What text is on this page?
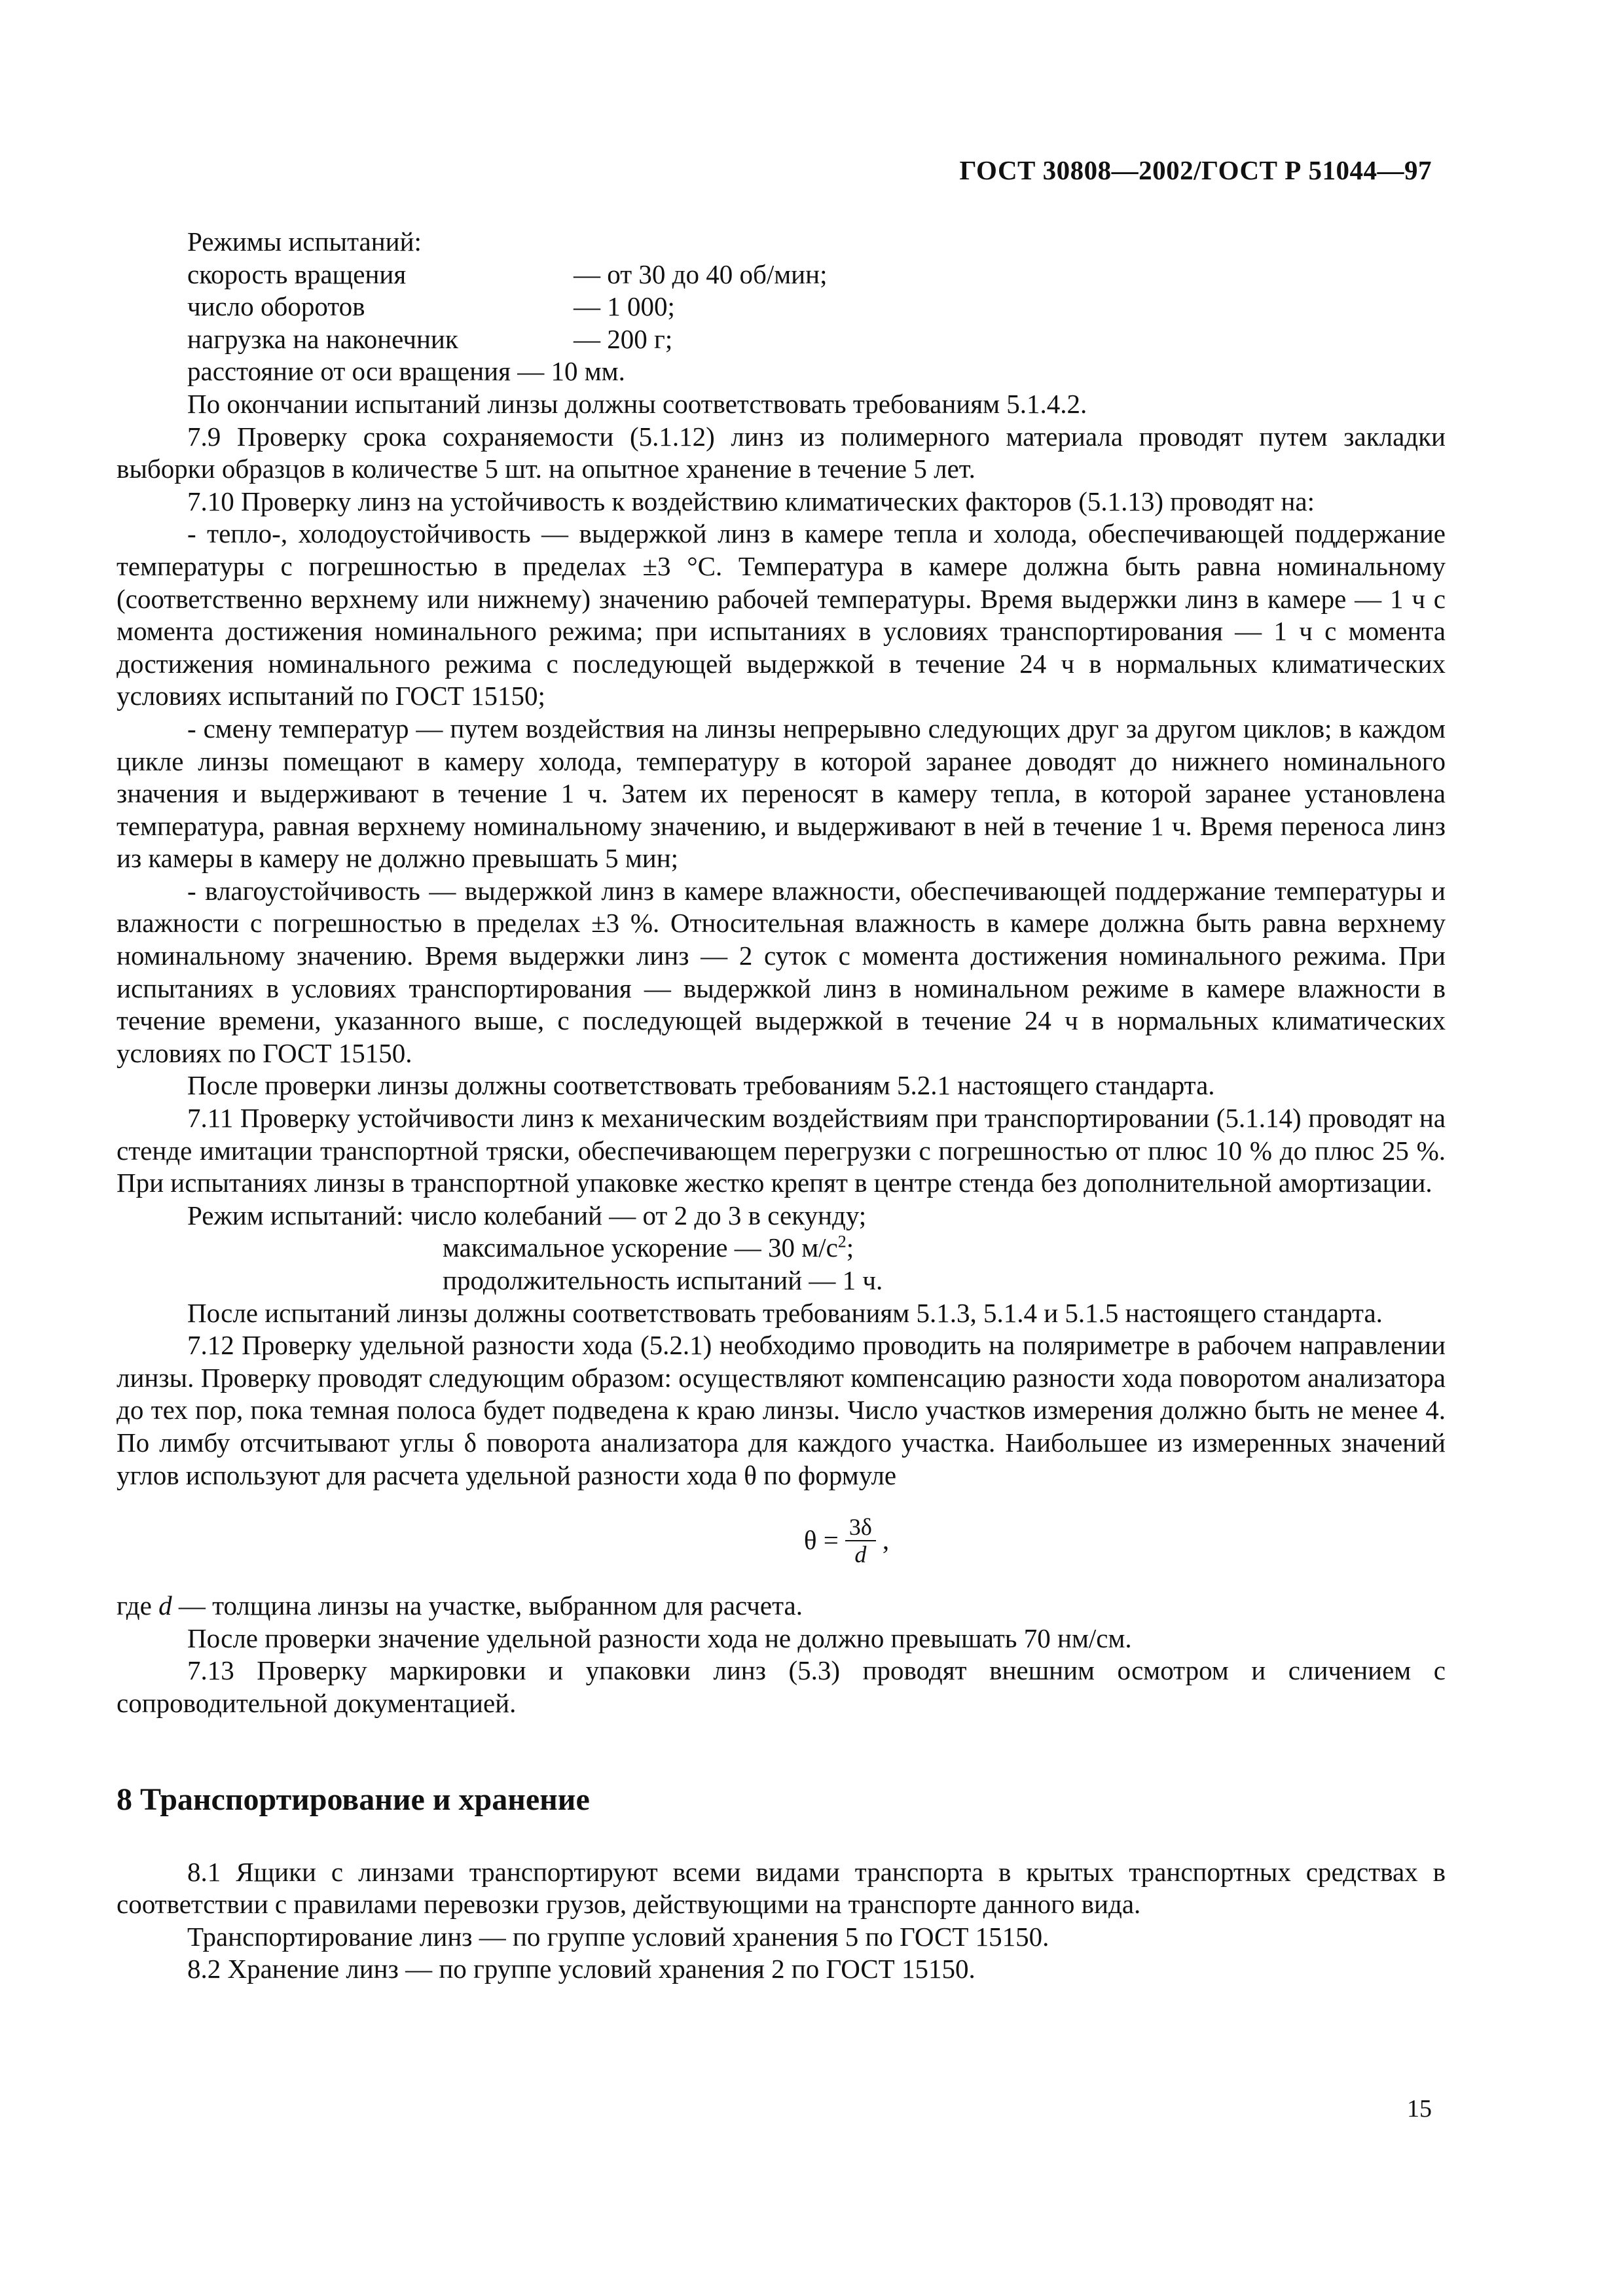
ГОСТ 30808—2002/ГОСТ Р 51044—97
Режимы испытаний:
скорость вращения	— от 30 до 40 об/мин;
число оборотов	— 1 000;
нагрузка на наконечник	— 200 г;
расстояние от оси вращения — 10 мм.
По окончании испытаний линзы должны соответствовать требованиям 5.1.4.2.
7.9 Проверку срока сохраняемости (5.1.12) линз из полимерного материала проводят путем закладки выборки образцов в количестве 5 шт. на опытное хранение в течение 5 лет.
7.10 Проверку линз на устойчивость к воздействию климатических факторов (5.1.13) проводят на:
- тепло-, холодоустойчивость — выдержкой линз в камере тепла и холода, обеспечивающей поддержание температуры с погрешностью в пределах ±3 °С. Температура в камере должна быть равна номинальному (соответственно верхнему или нижнему) значению рабочей температуры. Время выдержки линз в камере — 1 ч с момента достижения номинального режима; при испытаниях в условиях транспортирования — 1 ч с момента достижения номинального режима с последующей выдержкой в течение 24 ч в нормальных климатических условиях испытаний по ГОСТ 15150;
- смену температур — путем воздействия на линзы непрерывно следующих друг за другом циклов; в каждом цикле линзы помещают в камеру холода, температуру в которой заранее доводят до нижнего номинального значения и выдерживают в течение 1 ч. Затем их переносят в камеру тепла, в которой заранее установлена температура, равная верхнему номинальному значению, и выдерживают в ней в течение 1 ч. Время переноса линз из камеры в камеру не должно превышать 5 мин;
- влагоустойчивость — выдержкой линз в камере влажности, обеспечивающей поддержание температуры и влажности с погрешностью в пределах ±3 %. Относительная влажность в камере должна быть равна верхнему номинальному значению. Время выдержки линз — 2 суток с момента достижения номинального режима. При испытаниях в условиях транспортирования — выдержкой линз в номинальном режиме в камере влажности в течение времени, указанного выше, с последующей выдержкой в течение 24 ч в нормальных климатических условиях по ГОСТ 15150.
После проверки линзы должны соответствовать требованиям 5.2.1 настоящего стандарта.
7.11 Проверку устойчивости линз к механическим воздействиям при транспортировании (5.1.14) проводят на стенде имитации транспортной тряски, обеспечивающем перегрузки с погрешностью от плюс 10 % до плюс 25 %. При испытаниях линзы в транспортной упаковке жестко крепят в центре стенда без дополнительной амортизации.
Режим испытаний: число колебаний — от 2 до 3 в секунду;
максимальное ускорение — 30 $м/с^2$;
продолжительность испытаний — 1 ч.
После испытаний линзы должны соответствовать требованиям 5.1.3, 5.1.4 и 5.1.5 настоящего стандарта.
7.12 Проверку удельной разности хода (5.2.1) необходимо проводить на поляриметре в рабочем направлении линзы. Проверку проводят следующим образом: осуществляют компенсацию разности хода поворотом анализатора до тех пор, пока темная полоса будет подведена к краю линзы. Число участков измерения должно быть не менее 4. По лимбу отсчитывают углы δ поворота анализатора для каждого участка. Наибольшее из измеренных значений углов используют для расчета удельной разности хода θ по формуле
$\theta = \frac{3\delta}{d}$ ,
где d — толщина линзы на участке, выбранном для расчета.
После проверки значение удельной разности хода не должно превышать 70 нм/см.
7.13 Проверку маркировки и упаковки линз (5.3) проводят внешним осмотром и сличением с сопроводительной документацией.
8 Транспортирование и хранение
8.1 Ящики с линзами транспортируют всеми видами транспорта в крытых транспортных средствах в соответствии с правилами перевозки грузов, действующими на транспорте данного вида.
Транспортирование линз — по группе условий хранения 5 по ГОСТ 15150.
8.2 Хранение линз — по группе условий хранения 2 по ГОСТ 15150.
15
